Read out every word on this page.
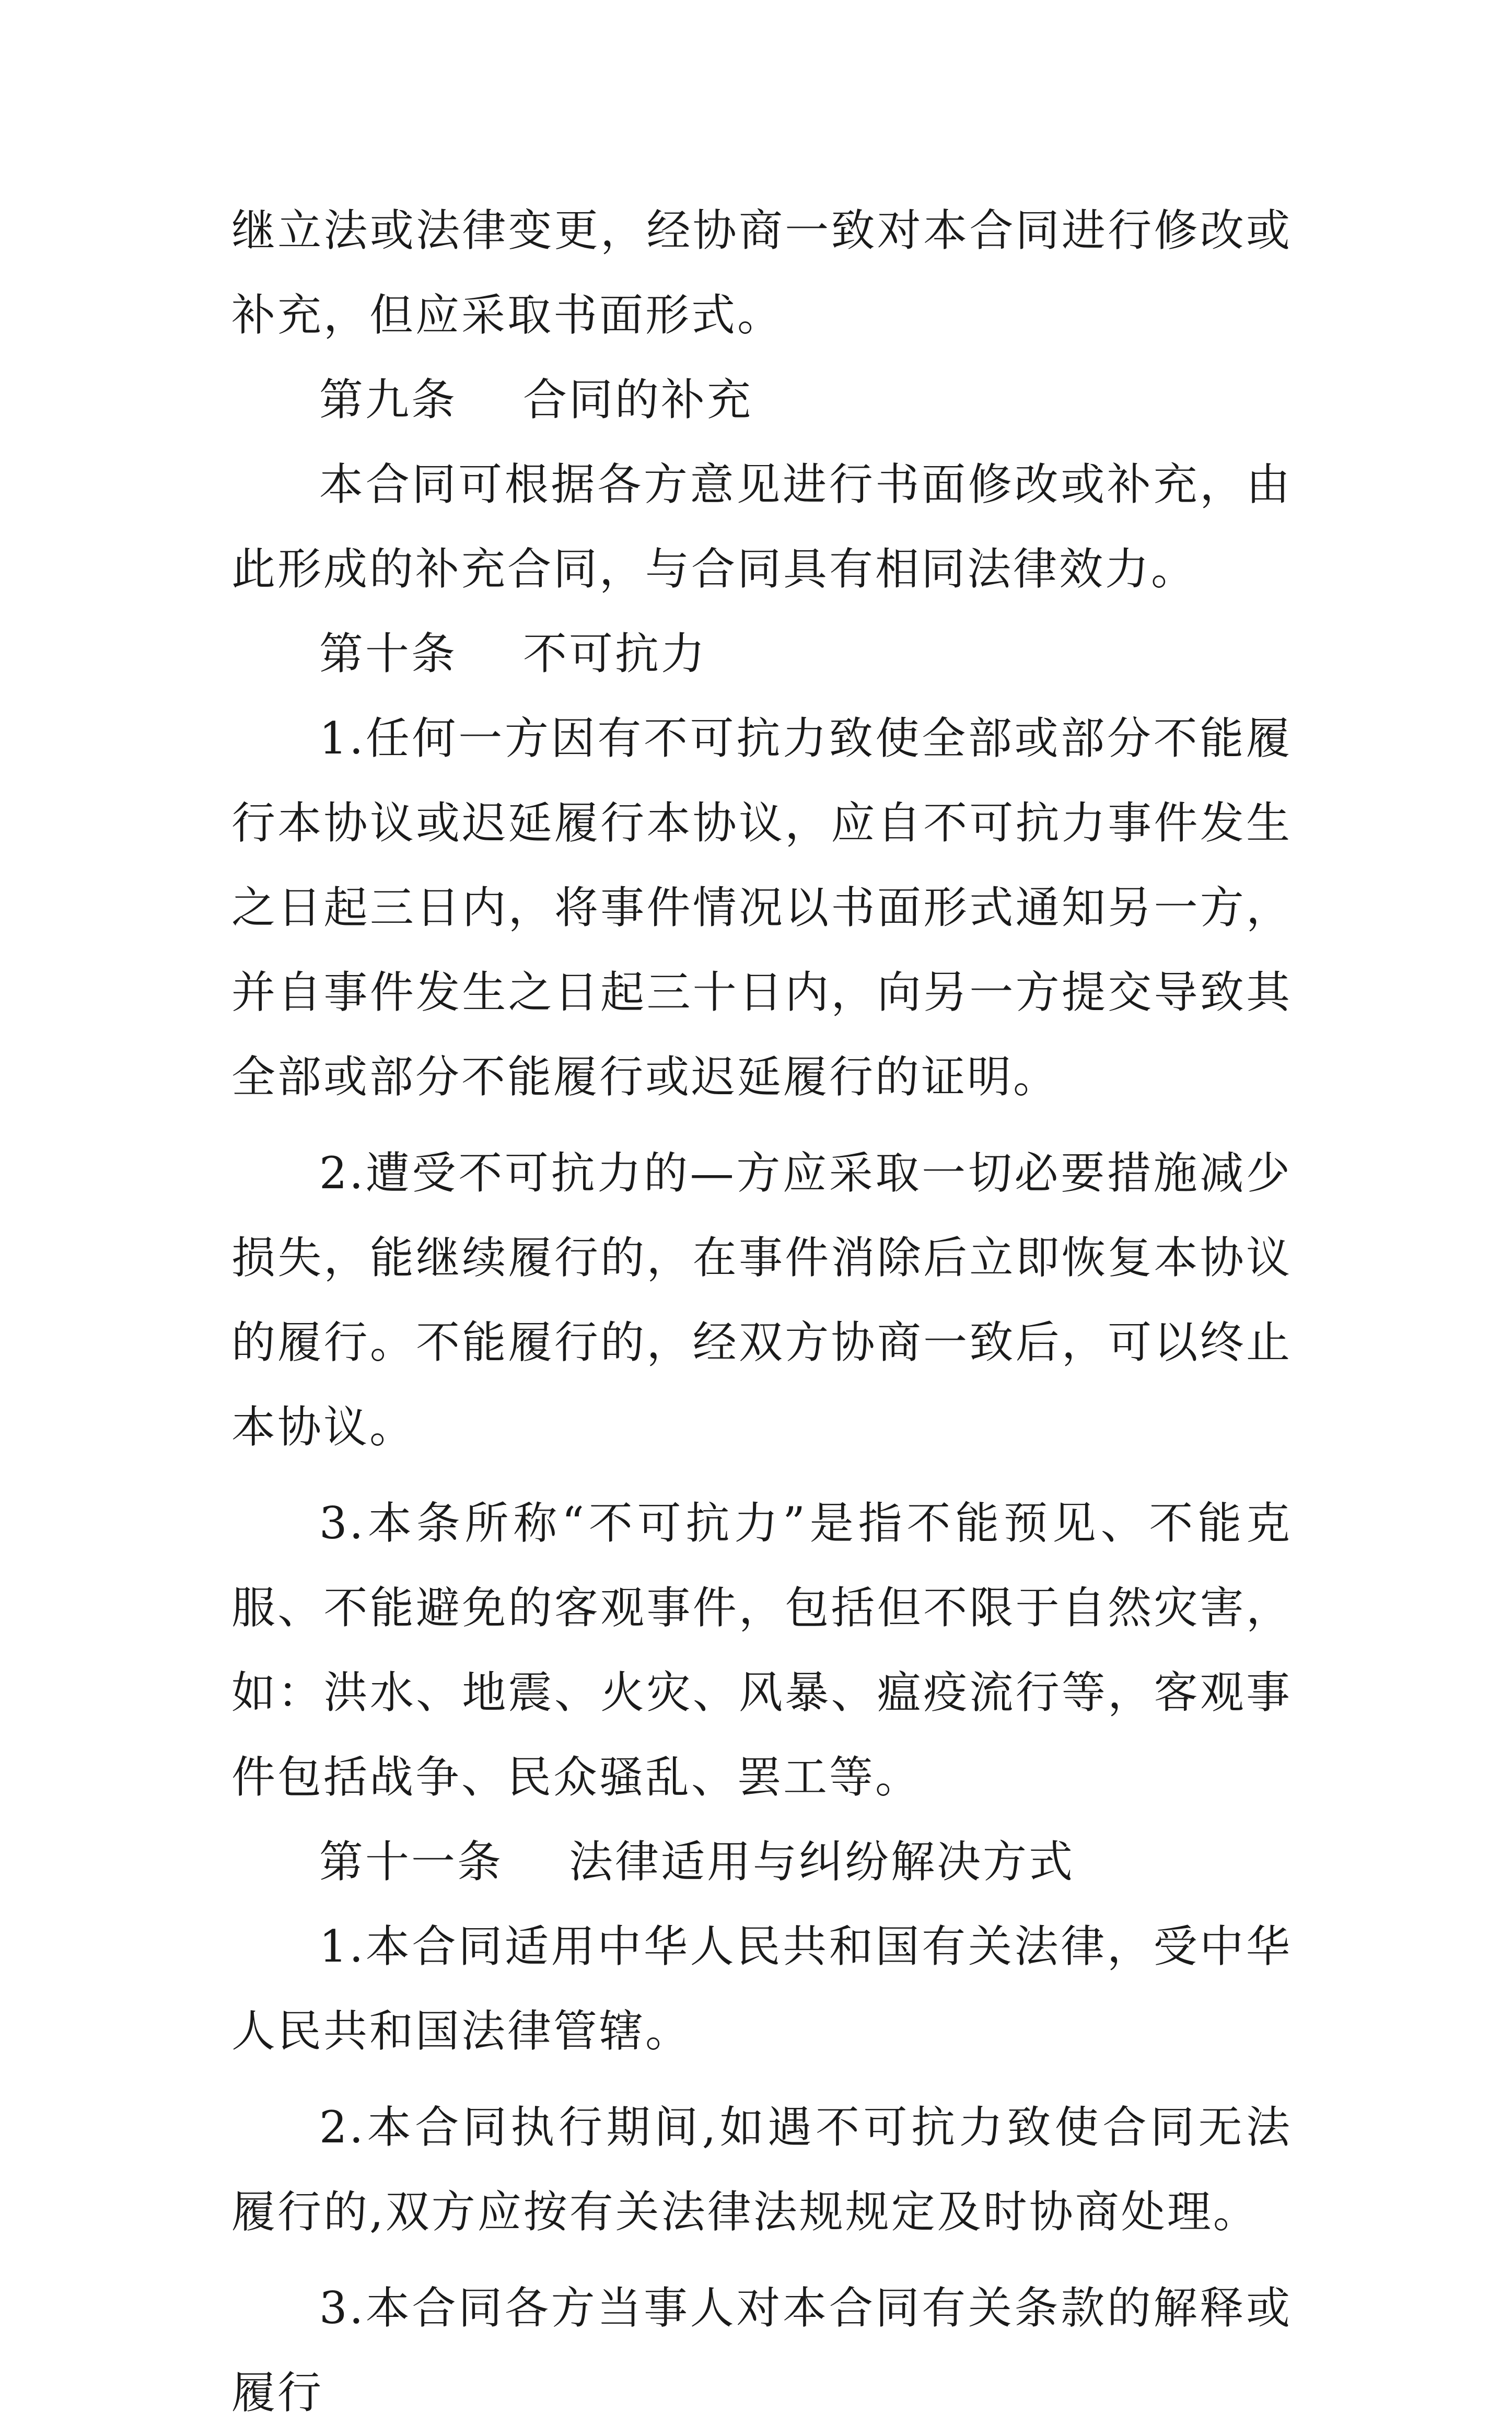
继立法或法律变更，经协商一致对本合同进行修改或补充，但应采取书面形式。

第九条 合同的补充

本合同可根据各方意见进行书面修改或补充，由此形成的补充合同，与合同具有相同法律效力。

第十条 不可抗力

1.任何一方因有不可抗力致使全部或部分不能履行本协议或迟延履行本协议，应自不可抗力事件发生之日起三日内，将事件情况以书面形式通知另一方，并自事件发生之日起三十日内，向另一方提交导致其全部或部分不能履行或迟延履行的证明。

2.遭受不可抗力的—方应采取一切必要措施减少损失，能继续履行的，在事件消除后立即恢复本协议的履行。不能履行的，经双方协商一致后，可以终止本协议。

3.本条所称“不可抗力”是指不能预见、不能克服、不能避免的客观事件，包括但不限于自然灾害，如：洪水、地震、火灾、风暴、瘟疫流行等，客观事件包括战争、民众骚乱、罢工等。

第十一条 法律适用与纠纷解决方式

1.本合同适用中华人民共和国有关法律，受中华人民共和国法律管辖。

2.本合同执行期间,如遇不可抗力致使合同无法履行的,双方应按有关法律法规规定及时协商处理。

3.本合同各方当事人对本合同有关条款的解释或履行
